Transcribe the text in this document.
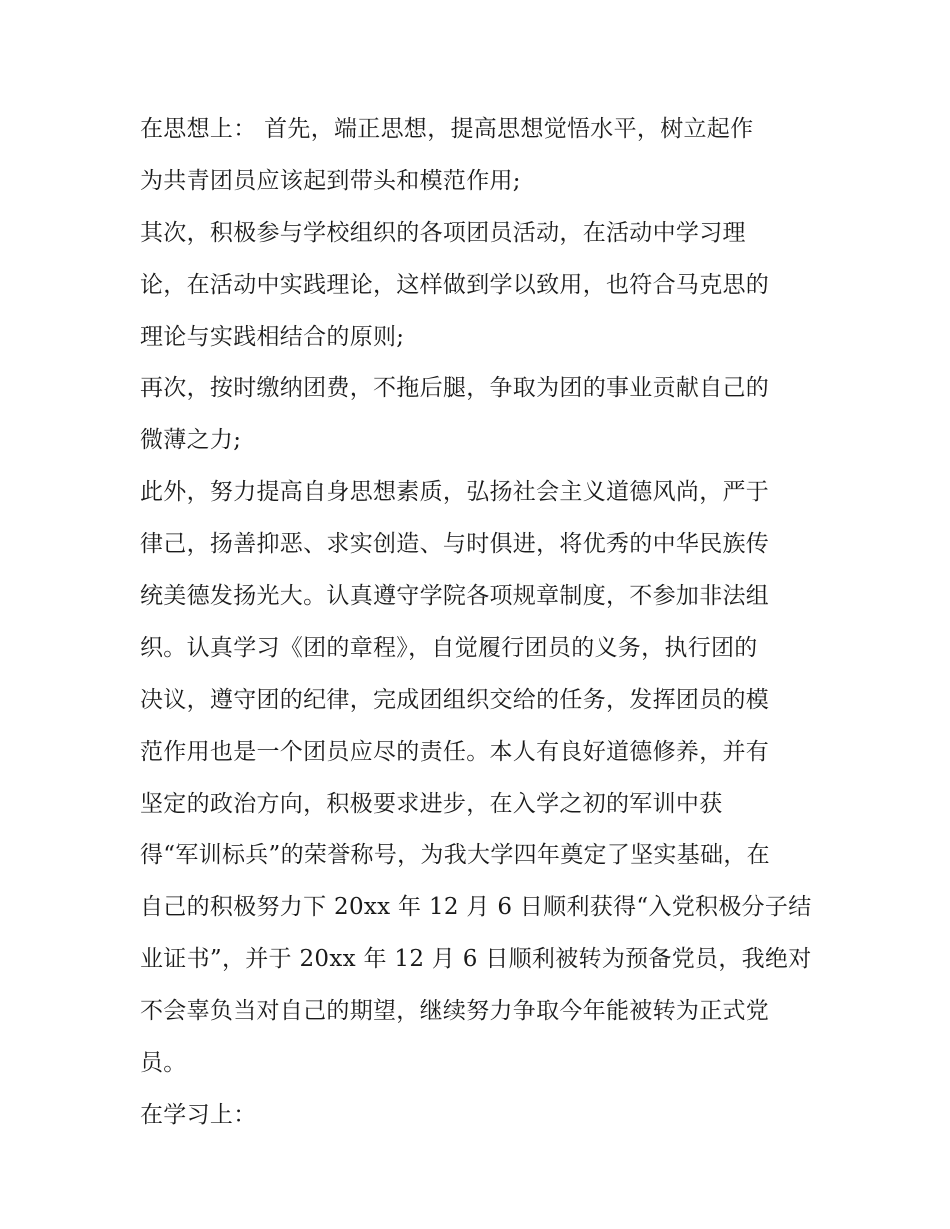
在思想上： 首先，端正思想，提高思想觉悟水平，树立起作
为共青团员应该起到带头和模范作用;
其次，积极参与学校组织的各项团员活动，在活动中学习理
论，在活动中实践理论，这样做到学以致用，也符合马克思的
理论与实践相结合的原则;
再次，按时缴纳团费，不拖后腿，争取为团的事业贡献自己的
微薄之力;
此外，努力提高自身思想素质，弘扬社会主义道德风尚，严于
律己，扬善抑恶、求实创造、与时俱进，将优秀的中华民族传
统美德发扬光大。认真遵守学院各项规章制度，不参加非法组
织。认真学习《团的章程》，自觉履行团员的义务，执行团的
决议，遵守团的纪律，完成团组织交给的任务，发挥团员的模
范作用也是一个团员应尽的责任。本人有良好道德修养，并有
坚定的政治方向，积极要求进步，在入学之初的军训中获
得“军训标兵”的荣誉称号，为我大学四年奠定了坚实基础，在
自己的积极努力下 20xx 年 12 月 6 日顺利获得“入党积极分子结
业证书”，并于 20xx 年 12 月 6 日顺利被转为预备党员，我绝对
不会辜负当对自己的期望，继续努力争取今年能被转为正式党
员。
在学习上：
